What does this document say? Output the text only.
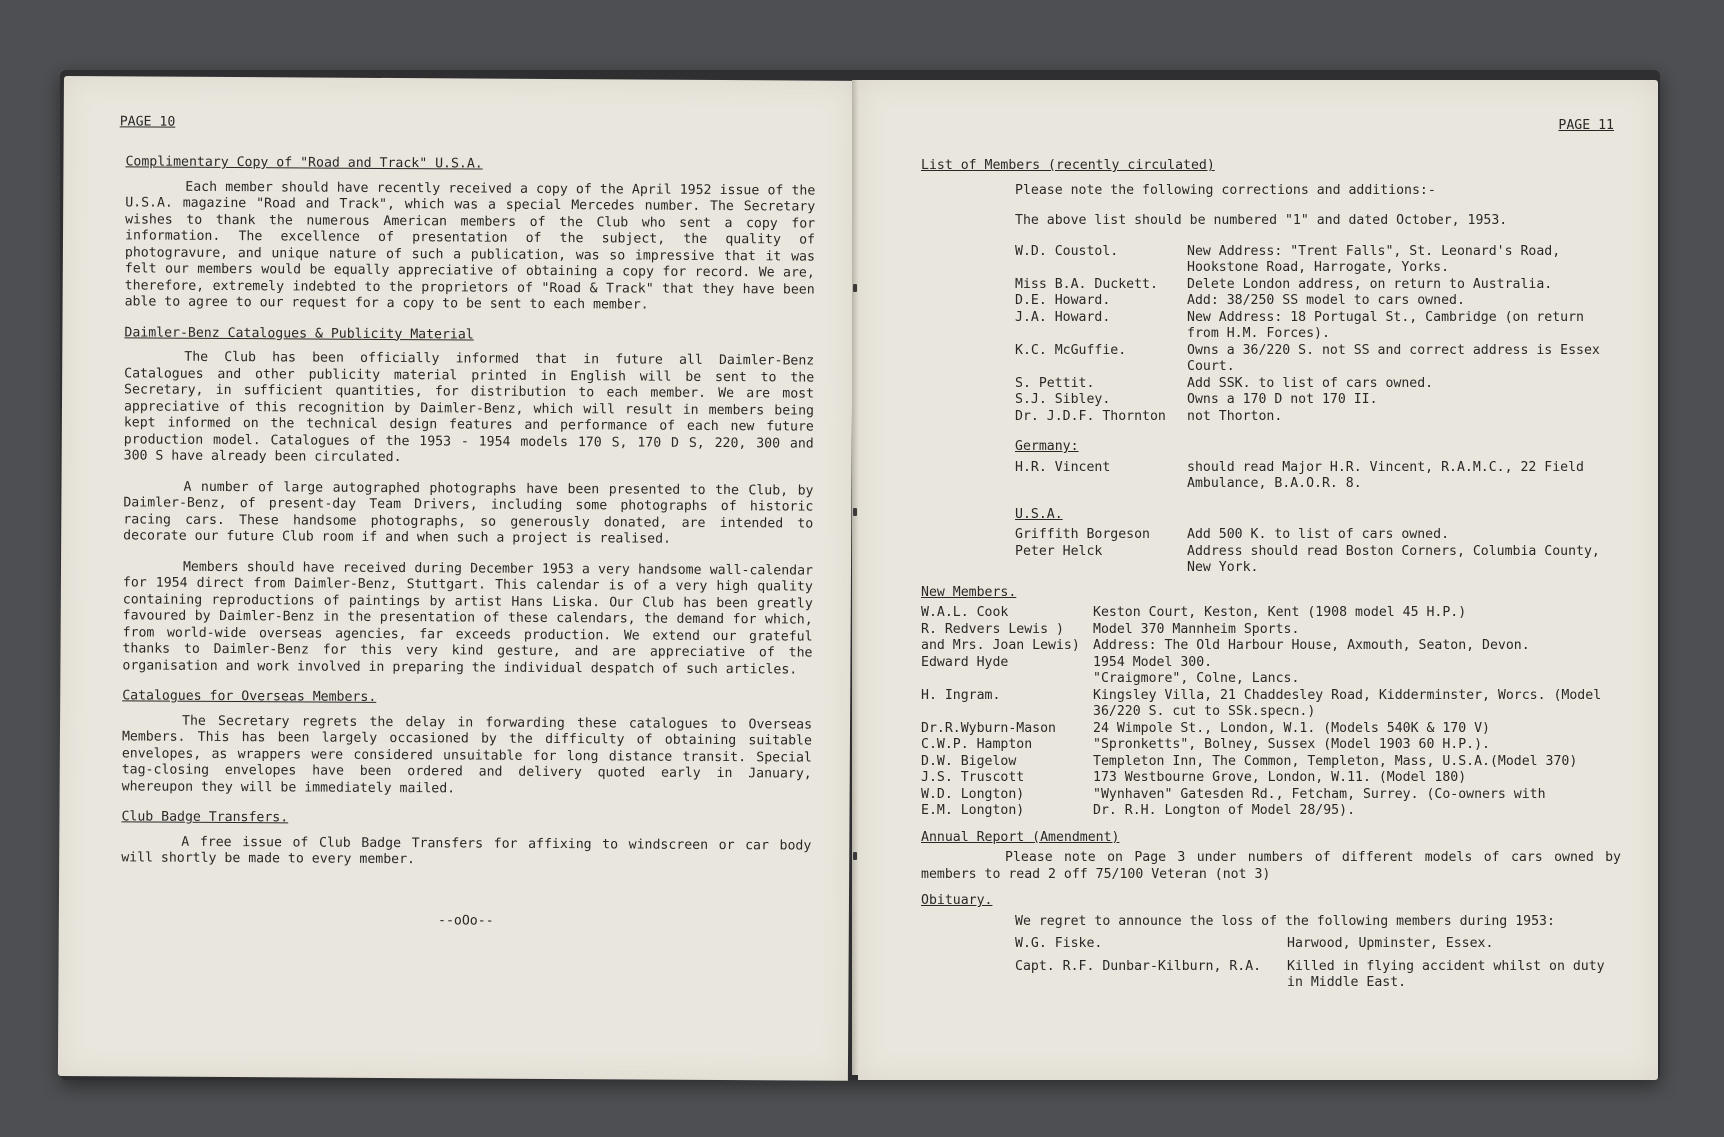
PAGE 10
Complimentary Copy of "Road and Track" U.S.A.

Each member should have recently received a copy of the April 1952 issue of the U.S.A. magazine "Road and Track", which was a special Mercedes number. The Secretary wishes to thank the numerous American members of the Club who sent a copy for information. The excellence of presentation of the subject, the quality of photogravure, and unique nature of such a publication, was so impressive that it was felt our members would be equally appreciative of obtaining a copy for record. We are, therefore, extremely indebted to the proprietors of "Road & Track" that they have been able to agree to our request for a copy to be sent to each member.

Daimler-Benz Catalogues & Publicity Material

The Club has been officially informed that in future all Daimler-Benz Catalogues and other publicity material printed in English will be sent to the Secretary, in sufficient quantities, for distribution to each member. We are most appreciative of this recognition by Daimler-Benz, which will result in members being kept informed on the technical design features and performance of each new future production model. Catalogues of the 1953 - 1954 models 170 S, 170 D S, 220, 300 and 300 S have already been circulated.

A number of large autographed photographs have been presented to the Club, by Daimler-Benz, of present-day Team Drivers, including some photographs of historic racing cars. These handsome photographs, so generously donated, are intended to decorate our future Club room if and when such a project is realised.

Members should have received during December 1953 a very handsome wall-calendar for 1954 direct from Daimler-Benz, Stuttgart. This calendar is of a very high quality containing reproductions of paintings by artist Hans Liska. Our Club has been greatly favoured by Daimler-Benz in the presentation of these calendars, the demand for which, from world-wide overseas agencies, far exceeds production. We extend our grateful thanks to Daimler-Benz for this very kind gesture, and are appreciative of the organisation and work involved in preparing the individual despatch of such articles.

Catalogues for Overseas Members.

The Secretary regrets the delay in forwarding these catalogues to Overseas Members. This has been largely occasioned by the difficulty of obtaining suitable envelopes, as wrappers were considered unsuitable for long distance transit. Special tag-closing envelopes have been ordered and delivery quoted early in January, whereupon they will be immediately mailed.

Club Badge Transfers.

A free issue of Club Badge Transfers for affixing to windscreen or car body will shortly be made to every member.

--oOo--
PAGE 11
List of Members (recently circulated)
Please note the following corrections and additions:-
The above list should be numbered "1" and dated October, 1953.
W.D. Coustol.	New Address: "Trent Falls", St. Leonard's Road, Hookstone Road, Harrogate, Yorks.
Miss B.A. Duckett.	Delete London address, on return to Australia.
D.E. Howard.	Add: 38/250 SS model to cars owned.
J.A. Howard.	New Address: 18 Portugal St., Cambridge (on return from H.M. Forces).
K.C. McGuffie.	Owns a 36/220 S. not SS and correct address is Essex Court.
S. Pettit.	Add SSK. to list of cars owned.
S.J. Sibley.	Owns a 170 D not 170 II.
Dr. J.D.F. Thornton	not Thorton.
Germany:
H.R. Vincent	should read Major H.R. Vincent, R.A.M.C., 22 Field Ambulance, B.A.O.R. 8.
U.S.A.
Griffith Borgeson	Add 500 K. to list of cars owned.
Peter Helck	Address should read Boston Corners, Columbia County, New York.
New Members.
W.A.L. Cook	Keston Court, Keston, Kent (1908 model 45 H.P.)
R. Redvers Lewis )	Model 370 Mannheim Sports.
and Mrs. Joan Lewis)	Address: The Old Harbour House, Axmouth, Seaton, Devon.
Edward Hyde	1954 Model 300.
"Craigmore", Colne, Lancs.
H. Ingram.	Kingsley Villa, 21 Chaddesley Road, Kidderminster, Worcs. (Model 36/220 S. cut to SSk.specn.)
Dr.R.Wyburn-Mason	24 Wimpole St., London, W.1. (Models 540K & 170 V)
C.W.P. Hampton	"Spronketts", Bolney, Sussex (Model 1903 60 H.P.).
D.W. Bigelow	Templeton Inn, The Common, Templeton, Mass, U.S.A.(Model 370)
J.S. Truscott	173 Westbourne Grove, London, W.11. (Model 180)
W.D. Longton)	"Wynhaven" Gatesden Rd., Fetcham, Surrey. (Co-owners with
E.M. Longton)	Dr. R.H. Longton of Model 28/95).
Annual Report (Amendment)

Please note on Page 3 under numbers of different models of cars owned by members to read 2 off 75/100 Veteran (not 3)

Obituary.
We regret to announce the loss of the following members during 1953:
W.G. Fiske.	Harwood, Upminster, Essex.
Capt. R.F. Dunbar-Kilburn, R.A.	Killed in flying accident whilst on duty in Middle East.
